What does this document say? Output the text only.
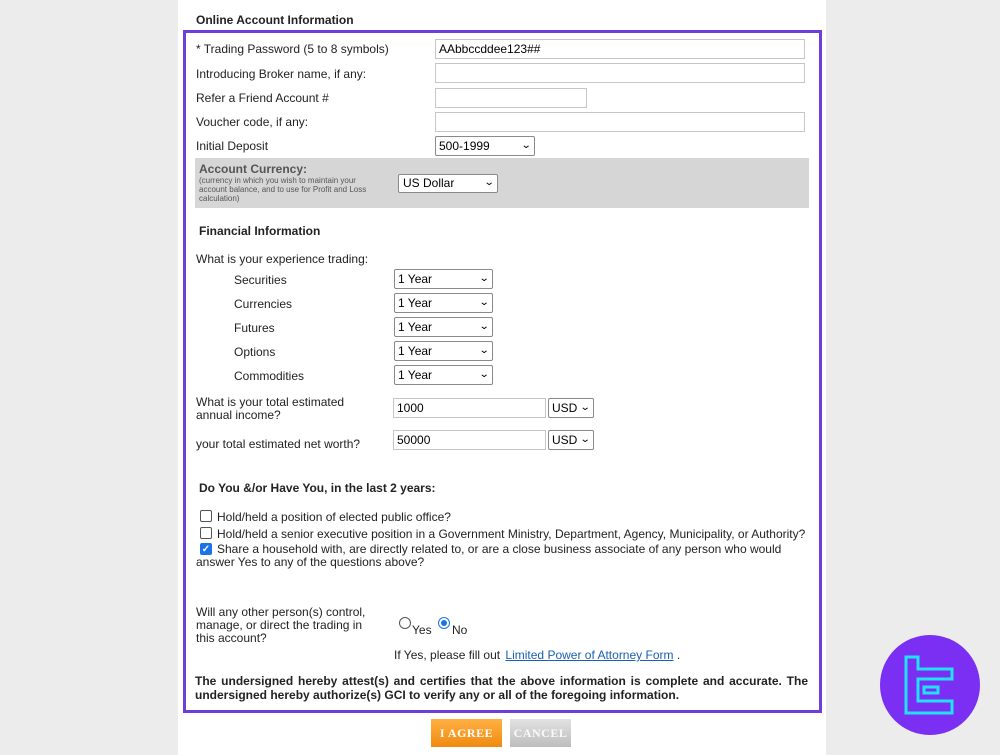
Online Account Information
* Trading Password (5 to 8 symbols)
AAbbccddee123##
Introducing Broker name, if any:
Refer a Friend Account #
Voucher code, if any:
Initial Deposit	500-1999	⌄
Account Currency:
(currency in which you wish to maintain your account balance, and to use for Profit and Loss calculation)
US Dollar	⌄
Financial Information
What is your experience trading:
Securities	1 Year	⌄
Currencies	1 Year	⌄
Futures	1 Year	⌄
Options	1 Year	⌄
Commodities	1 Year	⌄
What is your total estimated annual income?
1000	USD ⌄
your total estimated net worth?
50000	USD ⌄
Do You &/or Have You, in the last 2 years:
Hold/held a position of elected public office?
Hold/held a senior executive position in a Government Ministry, Department, Agency, Municipality, or Authority?
✓ Share a household with, are directly related to, or are a close business associate of any person who would answer Yes to any of the questions above?
Will any other person(s) control, manage, or direct the trading in this account?
Yes No
If Yes, please fill out Limited Power of Attorney Form .
The undersigned hereby attest(s) and certifies that the above information is complete and accurate. The undersigned hereby authorize(s) GCI to verify any or all of the foregoing information.
I AGREE	CANCEL
